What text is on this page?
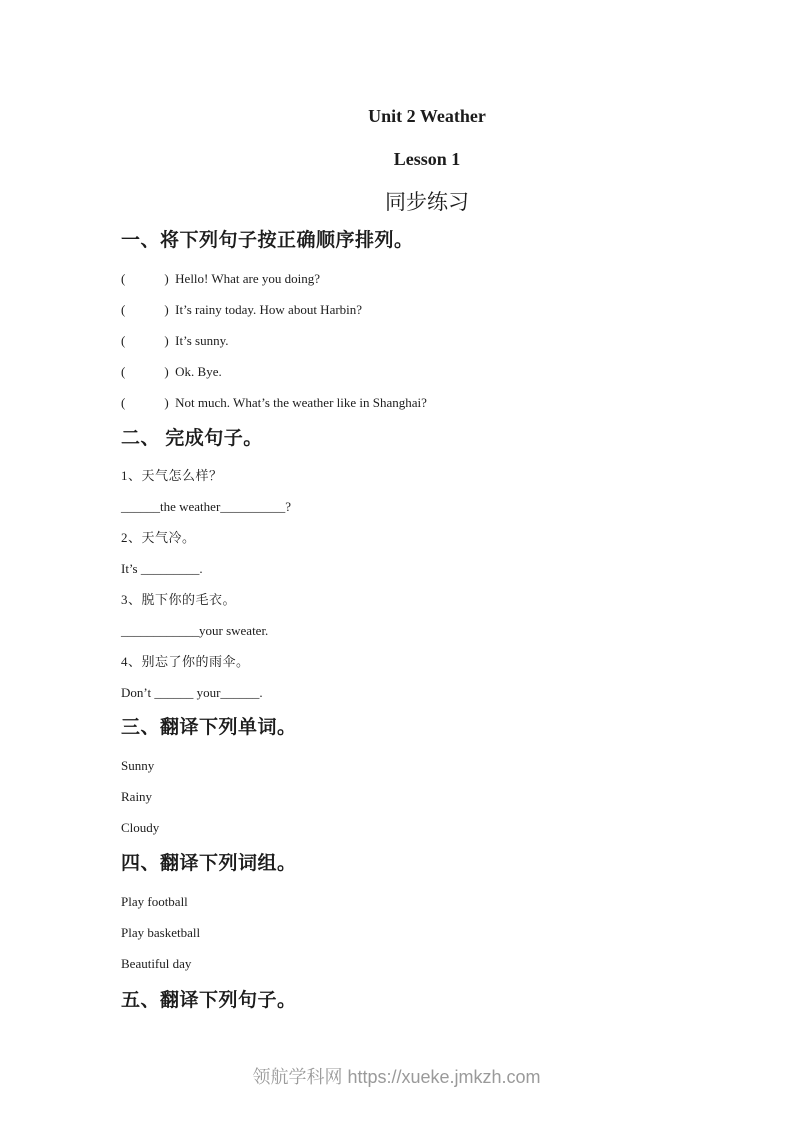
Unit 2 Weather
Lesson 1
同步练习
一、将下列句子按正确顺序排列。

(            )  Hello! What are you doing?

(            )  It’s rainy today. How about Harbin?

(            )  It’s sunny.

(            )  Ok. Bye.

(            )  Not much. What’s the weather like in Shanghai?

二、 完成句子。

1、天气怎么样？

______the weather__________?

2、天气冷。

It’s _________.

3、脱下你的毛衣。

____________your sweater.

4、别忘了你的雨伞。

Don’t ______ your______.

三、翻译下列单词。

Sunny

Rainy

Cloudy

四、翻译下列词组。

Play football

Play basketball

Beautiful day

五、翻译下列句子。
领航学科网 https://xueke.jmkzh.com
